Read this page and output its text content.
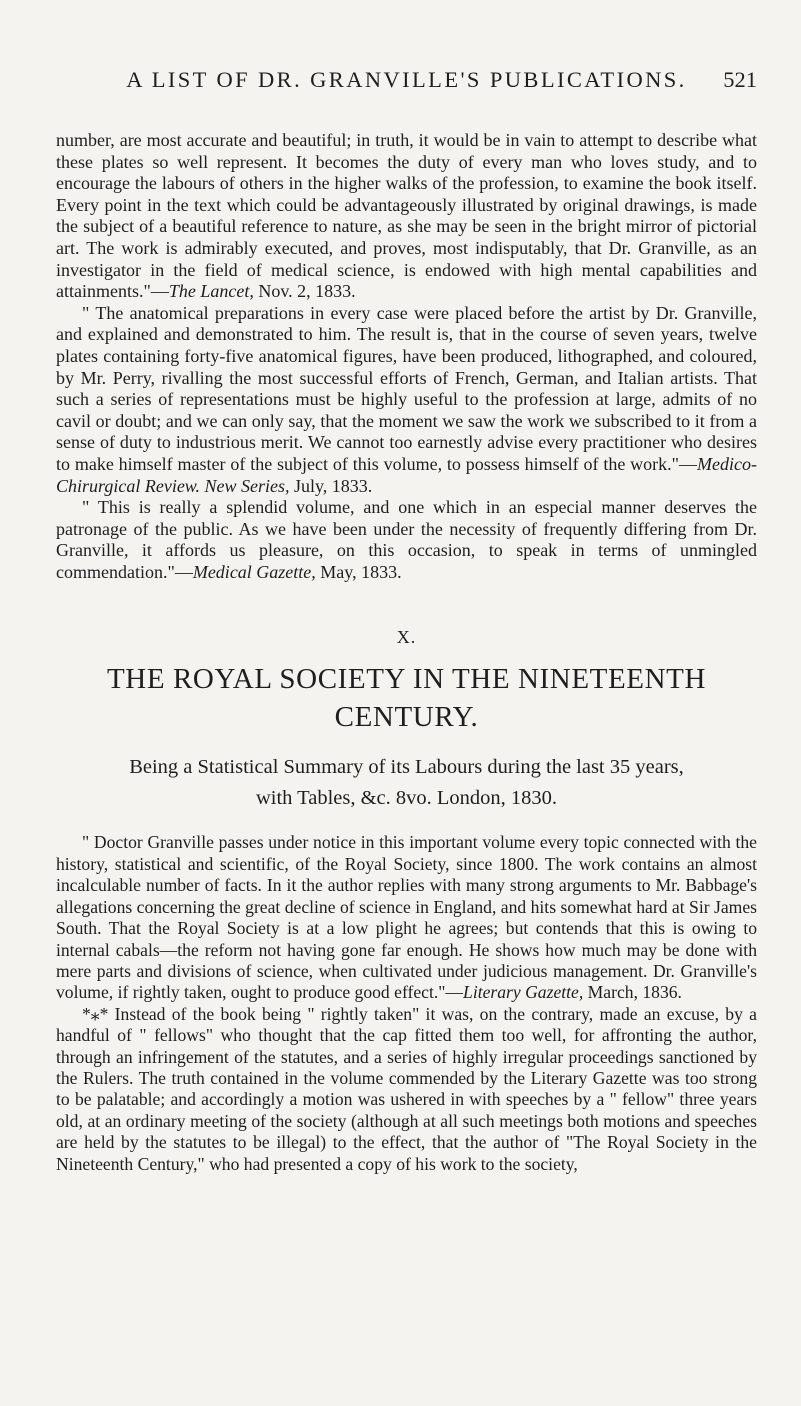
A LIST OF DR. GRANVILLE'S PUBLICATIONS. 521

number, are most accurate and beautiful; in truth, it would be in vain to attempt to describe what these plates so well represent. It becomes the duty of every man who loves study, and to encourage the labours of others in the higher walks of the profession, to examine the book itself. Every point in the text which could be advantageously illustrated by original drawings, is made the subject of a beautiful reference to nature, as she may be seen in the bright mirror of pictorial art. The work is admirably executed, and proves, most indisputably, that Dr. Granville, as an investigator in the field of medical science, is endowed with high mental capabilities and attainments."—The Lancet, Nov. 2, 1833.

" The anatomical preparations in every case were placed before the artist by Dr. Granville, and explained and demonstrated to him. The result is, that in the course of seven years, twelve plates containing forty-five anatomical figures, have been produced, lithographed, and coloured, by Mr. Perry, rivalling the most successful efforts of French, German, and Italian artists. That such a series of representations must be highly useful to the profession at large, admits of no cavil or doubt; and we can only say, that the moment we saw the work we subscribed to it from a sense of duty to industrious merit. We cannot too earnestly advise every practitioner who desires to make himself master of the subject of this volume, to possess himself of the work."—Medico-Chirurgical Review. New Series, July, 1833.

" This is really a splendid volume, and one which in an especial manner deserves the patronage of the public. As we have been under the necessity of frequently differing from Dr. Granville, it affords us pleasure, on this occasion, to speak in terms of unmingled commendation."—Medical Gazette, May, 1833.

X.
THE ROYAL SOCIETY IN THE NINETEENTH
CENTURY.
Being a Statistical Summary of its Labours during the last 35 years,
with Tables, &c. 8vo. London, 1830.

" Doctor Granville passes under notice in this important volume every topic connected with the history, statistical and scientific, of the Royal Society, since 1800. The work contains an almost incalculable number of facts. In it the author replies with many strong arguments to Mr. Babbage's allegations concerning the great decline of science in England, and hits somewhat hard at Sir James South. That the Royal Society is at a low plight he agrees; but contends that this is owing to internal cabals—the reform not having gone far enough. He shows how much may be done with mere parts and divisions of science, when cultivated under judicious management. Dr. Granville's volume, if rightly taken, ought to produce good effect."—Literary Gazette, March, 1836.

*⁎* Instead of the book being " rightly taken" it was, on the contrary, made an excuse, by a handful of " fellows" who thought that the cap fitted them too well, for affronting the author, through an infringement of the statutes, and a series of highly irregular proceedings sanctioned by the Rulers. The truth contained in the volume commended by the Literary Gazette was too strong to be palatable; and accordingly a motion was ushered in with speeches by a " fellow" three years old, at an ordinary meeting of the society (although at all such meetings both motions and speeches are held by the statutes to be illegal) to the effect, that the author of "The Royal Society in the Nineteenth Century," who had presented a copy of his work to the society,
